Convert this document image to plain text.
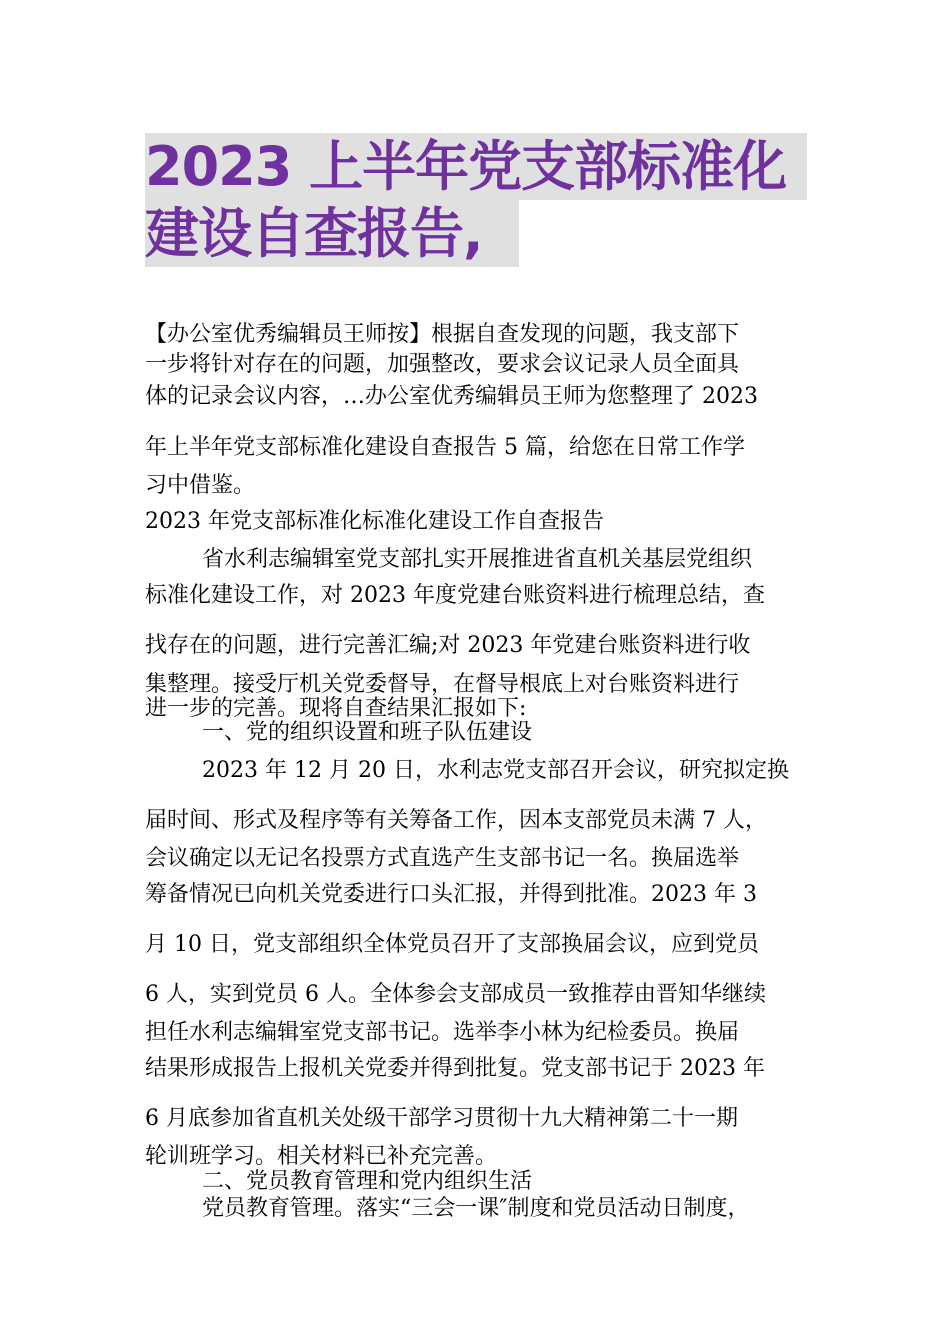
2023 上半年党支部标准化
建设自查报告,
【办公室优秀编辑员王师按】根据自查发现的问题，我支部下
一步将针对存在的问题，加强整改，要求会议记录人员全面具
体的记录会议内容，…办公室优秀编辑员王师为您整理了 2023
年上半年党支部标准化建设自查报告 5 篇，给您在日常工作学
习中借鉴。
2023 年党支部标准化标准化建设工作自查报告
省水利志编辑室党支部扎实开展推进省直机关基层党组织
标准化建设工作，对 2023 年度党建台账资料进行梳理总结，查
找存在的问题，进行完善汇编;对 2023 年党建台账资料进行收
集整理。接受厅机关党委督导，在督导根底上对台账资料进行
进一步的完善。现将自查结果汇报如下:
一、党的组织设置和班子队伍建设
2023 年 12 月 20 日，水利志党支部召开会议，研究拟定换
届时间、形式及程序等有关筹备工作，因本支部党员未满 7 人，
会议确定以无记名投票方式直选产生支部书记一名。换届选举
筹备情况已向机关党委进行口头汇报，并得到批准。2023 年 3
月 10 日，党支部组织全体党员召开了支部换届会议，应到党员
6 人，实到党员 6 人。全体参会支部成员一致推荐由晋知华继续
担任水利志编辑室党支部书记。选举李小林为纪检委员。换届
结果形成报告上报机关党委并得到批复。党支部书记于 2023 年
6 月底参加省直机关处级干部学习贯彻十九大精神第二十一期
轮训班学习。相关材料已补充完善。
二、党员教育管理和党内组织生活
党员教育管理。落实“三会一课″制度和党员活动日制度，
